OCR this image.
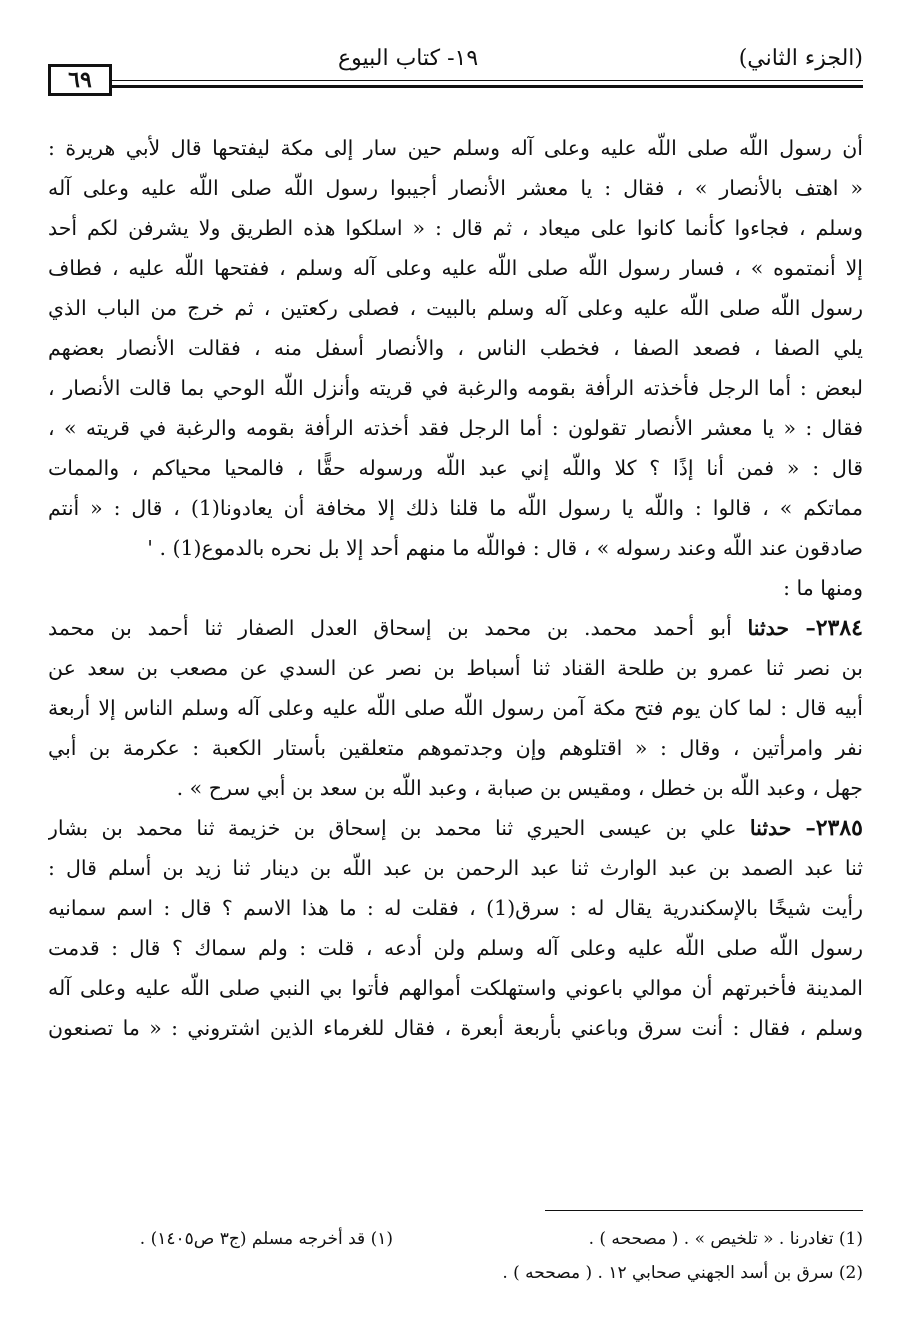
(الجزء الثاني)
١٩- كتاب البيوع
٦٩
أن رسول اللّه صلى اللّه عليه وعلى آله وسلم حين سار إلى مكة ليفتحها قال لأبي هريرة :
« اهتف بالأنصار » ، فقال : يا معشر الأنصار أجيبوا رسول اللّه صلى اللّه عليه وعلى آله
وسلم ، فجاءوا كأنما كانوا على ميعاد ، ثم قال : « اسلكوا هذه الطريق ولا يشرفن لكم أحد
إلا أنمتموه » ، فسار رسول اللّه صلى اللّه عليه وعلى آله وسلم ، ففتحها اللّه عليه ، فطاف
رسول اللّه صلى اللّه عليه وعلى آله وسلم بالبيت ، فصلى ركعتين ، ثم خرج من الباب الذي
يلي الصفا ، فصعد الصفا ، فخطب الناس ، والأنصار أسفل منه ، فقالت الأنصار بعضهم
لبعض : أما الرجل فأخذته الرأفة بقومه والرغبة في قريته وأنزل اللّه الوحي بما قالت الأنصار ،
فقال : « يا معشر الأنصار تقولون : أما الرجل فقد أخذته الرأفة بقومه والرغبة في قريته » ،
قال : « فمن أنا إذًا ؟ كلا واللّه إني عبد اللّه ورسوله حقًّا ، فالمحيا محياكم ، والممات
مماتكم » ، قالوا : واللّه يا رسول اللّه ما قلنا ذلك إلا مخافة أن يعادونا(1) ، قال : « أنتم
صادقون عند اللّه وعند رسوله » ، قال : فواللّه ما منهم أحد إلا بل نحره بالدموع(1) . '
ومنها ما :
٢٣٨٤– حدثنا أبو أحمد محمد. بن محمد بن إسحاق العدل الصفار ثنا أحمد بن محمد
بن نصر ثنا عمرو بن طلحة القناد ثنا أسباط بن نصر عن السدي عن مصعب بن سعد عن
أبيه قال : لما كان يوم فتح مكة آمن رسول اللّه صلى اللّه عليه وعلى آله وسلم الناس إلا أربعة
نفر وامرأتين ، وقال : « اقتلوهم وإن وجدتموهم متعلقين بأستار الكعبة : عكرمة بن أبي
جهل ، وعبد اللّه بن خطل ، ومقيس بن صبابة ، وعبد اللّه بن سعد بن أبي سرح » .
٢٣٨٥– حدثنا علي بن عيسى الحيري ثنا محمد بن إسحاق بن خزيمة ثنا محمد بن بشار
ثنا عبد الصمد بن عبد الوارث ثنا عبد الرحمن بن عبد اللّه بن دينار ثنا زيد بن أسلم قال :
رأيت شيخًا بالإسكندرية يقال له : سرق(1) ، فقلت له : ما هذا الاسم ؟ قال : اسم سمانيه
رسول اللّه صلى اللّه عليه وعلى آله وسلم ولن أدعه ، قلت : ولم سماك ؟ قال : قدمت
المدينة فأخبرتهم أن موالي باعوني واستهلكت أموالهم فأتوا بي النبي صلى اللّه عليه وعلى آله
وسلم ، فقال : أنت سرق وباعني بأربعة أبعرة ، فقال للغرماء الذين اشتروني : « ما تصنعون
(1) تغادرنا . « تلخيص » . ( مصححه ) .
(١) قد أخرجه مسلم (ج٣ ص١٤٠٥) .
(2) سرق بن أسد الجهني صحابي ١٢ . ( مصححه ) .
